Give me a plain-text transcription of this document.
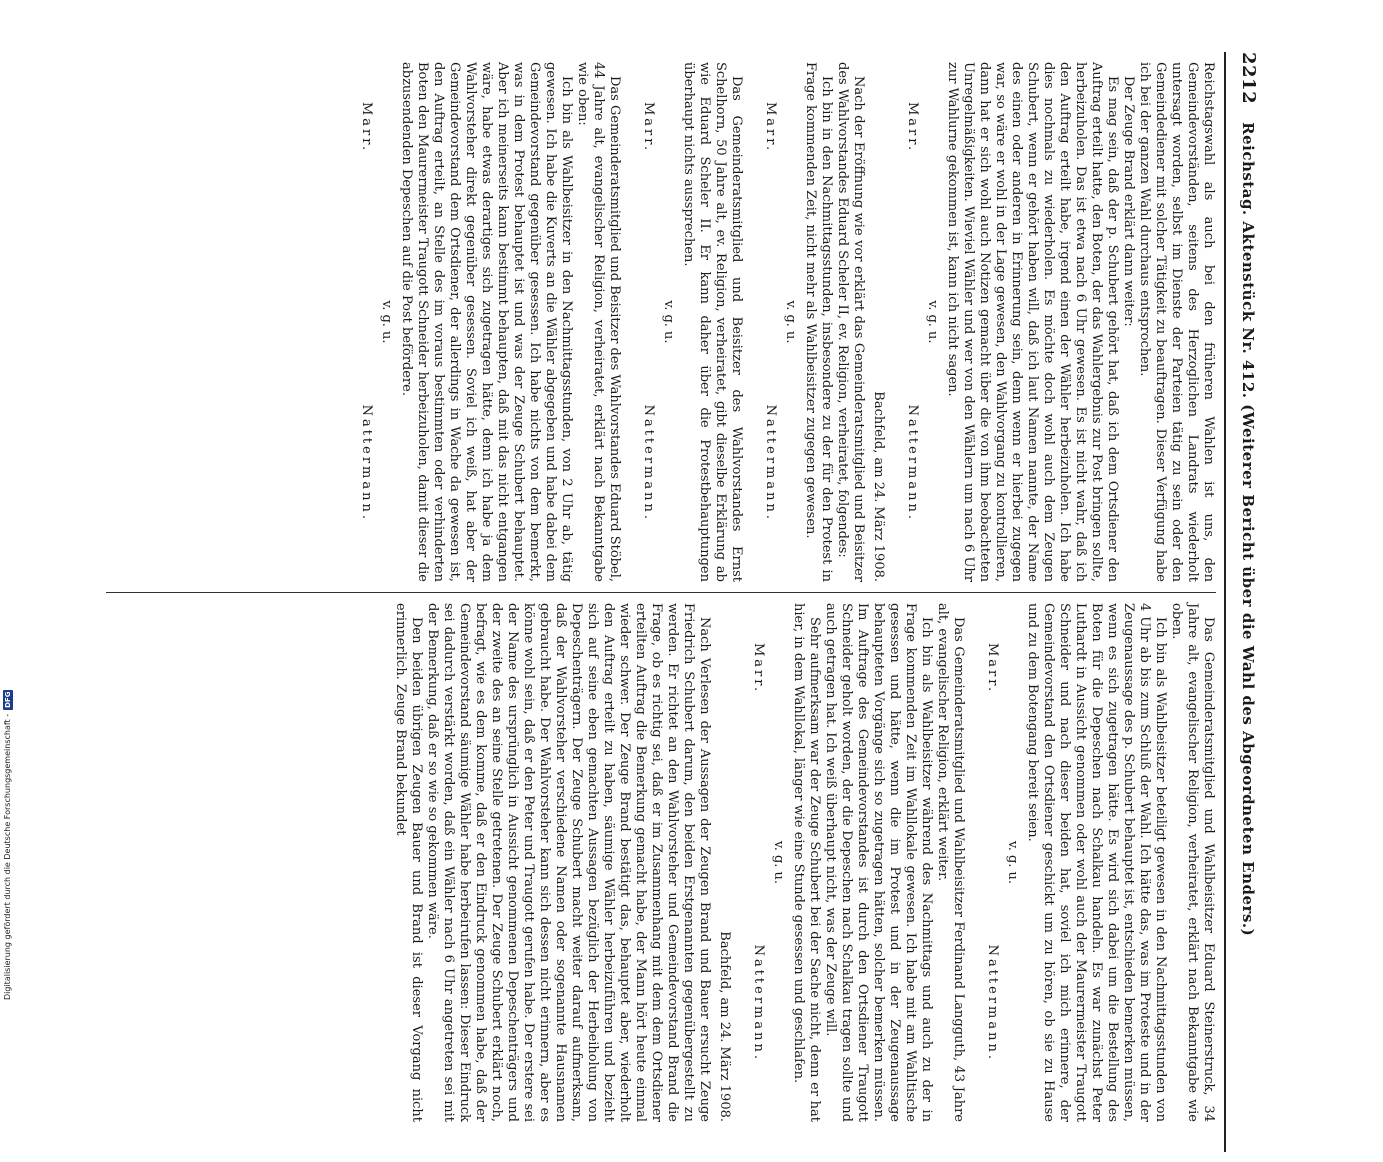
2212
Reichstag. Aktenstück Nr. 412. (Weiterer Bericht über die Wahl des Abgeordneten Enders.)

Reichstagswahl als auch bei den früheren Wahlen ist uns, den Gemeindevorständen, seitens des Herzoglichen Landrats wiederholt untersagt worden, selbst im Dienste der Parteien tätig zu sein oder den Gemeindediener mit solcher Tätigkeit zu beauftragen. Dieser Verfügung habe ich bei der ganzen Wahl durchaus entsprochen.

Der Zeuge Brand erklärt dann weiter:

Es mag sein, daß der p. Schubert gehört hat, daß ich dem Ortsdiener den Auftrag erteilt hatte, den Boten, der das Wahlergebnis zur Post bringen sollte, herbeizuholen. Das ist etwa nach 6 Uhr gewesen. Es ist nicht wahr, daß ich den Auftrag erteilt habe, irgend einen der Wähler herbeizuholen. Ich habe dies nochmals zu wiederholen. Es möchte doch wohl auch dem Zeugen Schubert, wenn er gehört haben will, daß ich laut Namen nannte, der Name des einen oder anderen in Erinnerung sein, denn wenn er hierbei zugegen war, so wäre er wohl in der Lage gewesen, den Wahlvorgang zu kontrollieren, dann hat er sich wohl auch Notizen gemacht über die von ihm beobachteten Unregelmäßigkeiten. Wieviel Wähler und wer von den Wählern um nach 6 Uhr zur Wahlurne gekommen ist, kann ich nicht sagen.

v. g. u.
Marr.
Nattermann.
Bachfeld, am 24. März 1908.

Nach der Eröffnung wie vor erklärt das Gemeinderatsmitglied und Beisitzer des Wahlvorstandes Eduard Scheler II, ev. Religion, verheiratet, folgendes:

Ich bin in den Nachmittagsstunden, insbesondere zu der für den Protest in Frage kommenden Zeit, nicht mehr als Wahlbeisitzer zugegen gewesen.

v. g. u.
Marr.
Nattermann.

Das Gemeinderatsmitglied und Beisitzer des Wahlvorstandes Ernst Schelhorn, 50 Jahre alt, ev. Religion, verheiratet, gibt dieselbe Erklärung ab wie Eduard Scheler II. Er kann daher über die Protestbehauptungen überhaupt nichts aussprechen.

v. g. u.
Marr.
Nattermann.

Das Gemeinderatsmitglied und Beisitzer des Wahlvorstandes Eduard Stöbel, 44 Jahre alt, evangelischer Religion, verheiratet, erklärt nach Bekanntgabe wie oben:

Ich bin als Wahlbeisitzer in den Nachmittagsstunden, von 2 Uhr ab, tätig gewesen. Ich habe die Kuverts an die Wähler abgegeben und habe dabei dem Gemeindevorstand gegenüber gesessen. Ich habe nichts von dem bemerkt, was in dem Protest behauptet ist und was der Zeuge Schubert behauptet. Aber ich meinerseits kann bestimmt behaupten, daß mit das nicht entgangen wäre, habe etwas derartiges sich zugetragen hätte, denn ich habe ja dem Wahlvorsteher direkt gegenüber gesessen. Soviel ich weiß, hat aber der Gemeindevorstand dem Ortsdiener, der allerdings in Wache da gewesen ist, den Auftrag erteilt, an Stelle des im voraus bestimmten oder verhinderten Boten den Maurermeister Traugott Schneider herbeizuholen, damit dieser die abzusendenden Depeschen auf die Post befördere.

v. g. u.
Marr.
Nattermann.

Das Gemeinderatsmitglied und Wahlbeisitzer Eduard Steinerstruck, 34 Jahre alt, evangelischer Religion, verheiratet, erklärt nach Bekanntgabe wie oben.

Ich bin als Wahlbeisitzer beteiligt gewesen in den Nachmittagsstunden von 4 Uhr ab bis zum Schluß der Wahl. Ich hätte das, was im Proteste und in der Zeugenaussage des p. Schubert behauptet ist, entschieden bemerken müssen, wenn es sich zugetragen hätte. Es wird sich dabei um die Bestellung des Boten für die Depeschen nach Schalkau handeln. Es war zunächst Peter Luthardt in Aussicht genommen oder wohl auch der Maurermeister Traugott Schneider und nach dieser beiden hat, soviel ich mich erinnere, der Gemeindevorstand den Ortsdiener geschickt um zu hören, ob sie zu Hause und zu dem Botengang bereit seien.

v. g. u.
Marr.
Nattermann.

Das Gemeinderatsmitglied und Wahlbeisitzer Ferdinand Langguth, 43 Jahre alt, evangelischer Religion, erklärt weiter.

Ich bin als Wahlbeisitzer während des Nachmittags und auch zu der in Frage kommenden Zeit im Wahllokale gewesen. Ich habe mit am Wahltische gesessen und hätte, wenn die im Protest und in der Zeugenaussage behaupteten Vorgänge sich so zugetragen hätten, solcher bemerken müssen. Im Auftrage des Gemeindevorstandes ist durch den Ortsdiener Traugott Schneider geholt worden, der die Depeschen nach Schalkau tragen sollte und auch getragen hat. Ich weiß überhaupt nicht, was der Zeuge will.

Sehr aufmerksam war der Zeuge Schubert bei der Sache nicht, denn er hat hier, in dem Wahllokal, länger wie eine Stunde gesessen und geschlafen.

v. g. u.
Marr.
Nattermann.
Bachfeld, am 24. März 1908.

Nach Verlesen der Aussagen der Zeugen Brand und Bauer ersucht Zeuge Friedrich Schubert darum, den beiden Erstgenannten gegenübergestellt zu werden. Er richtet an den Wahlvorsteher und Gemeindevorstand Brand die Frage, ob es richtig sei, daß er im Zusammenhang mit dem dem Ortsdiener erteilten Auftrag die Bemerkung gemacht habe, der Mann hört heute einmal wieder schwer. Der Zeuge Brand bestätigt das, behauptet aber, wiederholt den Auftrag erteilt zu haben, säumige Wähler herbeizuführen und bezieht sich auf seine eben gemachten Aussagen bezüglich der Herbeiholung von Depeschenträgern. Der Zeuge Schubert macht weiter darauf aufmerksam, daß der Wahlvorsteher verschiedene Namen oder sogenannte Hausnamen gebraucht habe. Der Wahlvorsteher kann sich dessen nicht erinnern, aber es könne wohl sein, daß er den Peter und Traugott gerufen habe. Der erstere sei der Name des ursprünglich in Aussicht genommenen Depeschenträgers und der zweite des an seine Stelle getretenen. Der Zeuge Schubert erklärt noch, befragt, wie es dem komme, daß er den Eindruck genommen habe, daß der Gemeindevorstand säumige Wähler habe herbeirufen lassen: Dieser Eindruck sei dadurch verstärkt worden, daß ein Wähler nach 6 Uhr angetreten sei mit der Bemerkung, daß er so wie so gekommen wäre.

Den beiden übrigen Zeugen Bauer und Brand ist dieser Vorgang nicht erinnerlich. Zeuge Brand bekundet

Digitalisierung gefördert durch die Deutsche Forschungsgemeinschaft -
DFG
